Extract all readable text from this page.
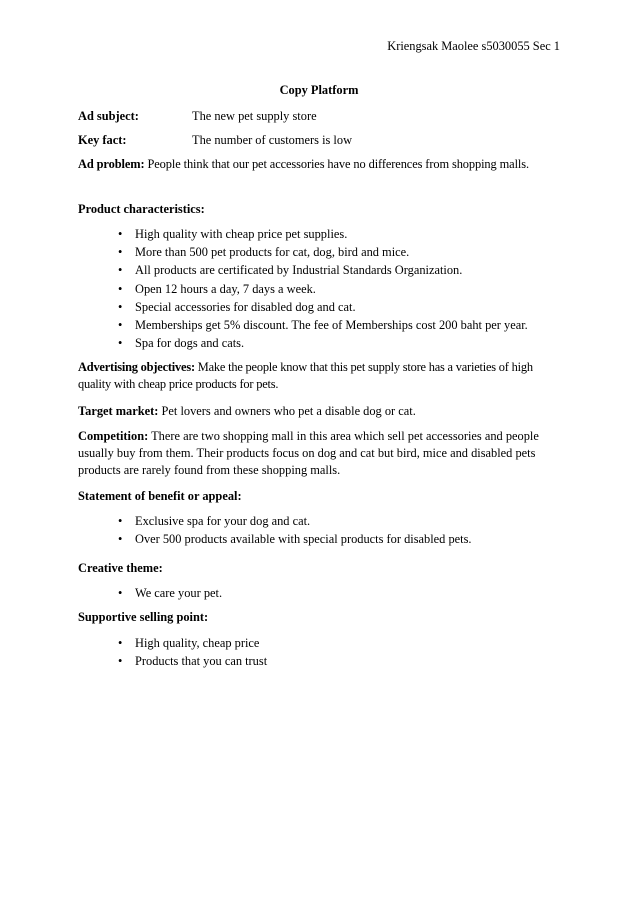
Kriengsak Maolee s5030055 Sec 1
Copy Platform
Ad subject:	The new pet supply store
Key fact:	The number of customers is low
Ad problem: People think that our pet accessories have no differences from shopping malls.
Product characteristics:
• High quality with cheap price pet supplies.
• More than 500 pet products for cat, dog, bird and mice.
• All products are certificated by Industrial Standards Organization.
• Open 12 hours a day, 7 days a week.
• Special accessories for disabled dog and cat.
• Memberships get 5% discount. The fee of Memberships cost 200 baht per year.
• Spa for dogs and cats.
Advertising objectives: Make the people know that this pet supply store has a varieties of high quality with cheap price products for pets.
Target market: Pet lovers and owners who pet a disable dog or cat.
Competition: There are two shopping mall in this area which sell pet accessories and people usually buy from them. Their products focus on dog and cat but bird, mice and disabled pets products are rarely found from these shopping malls.
Statement of benefit or appeal:
• Exclusive spa for your dog and cat.
• Over 500 products available with special products for disabled pets.
Creative theme:
• We care your pet.
Supportive selling point:
• High quality, cheap price
• Products that you can trust
